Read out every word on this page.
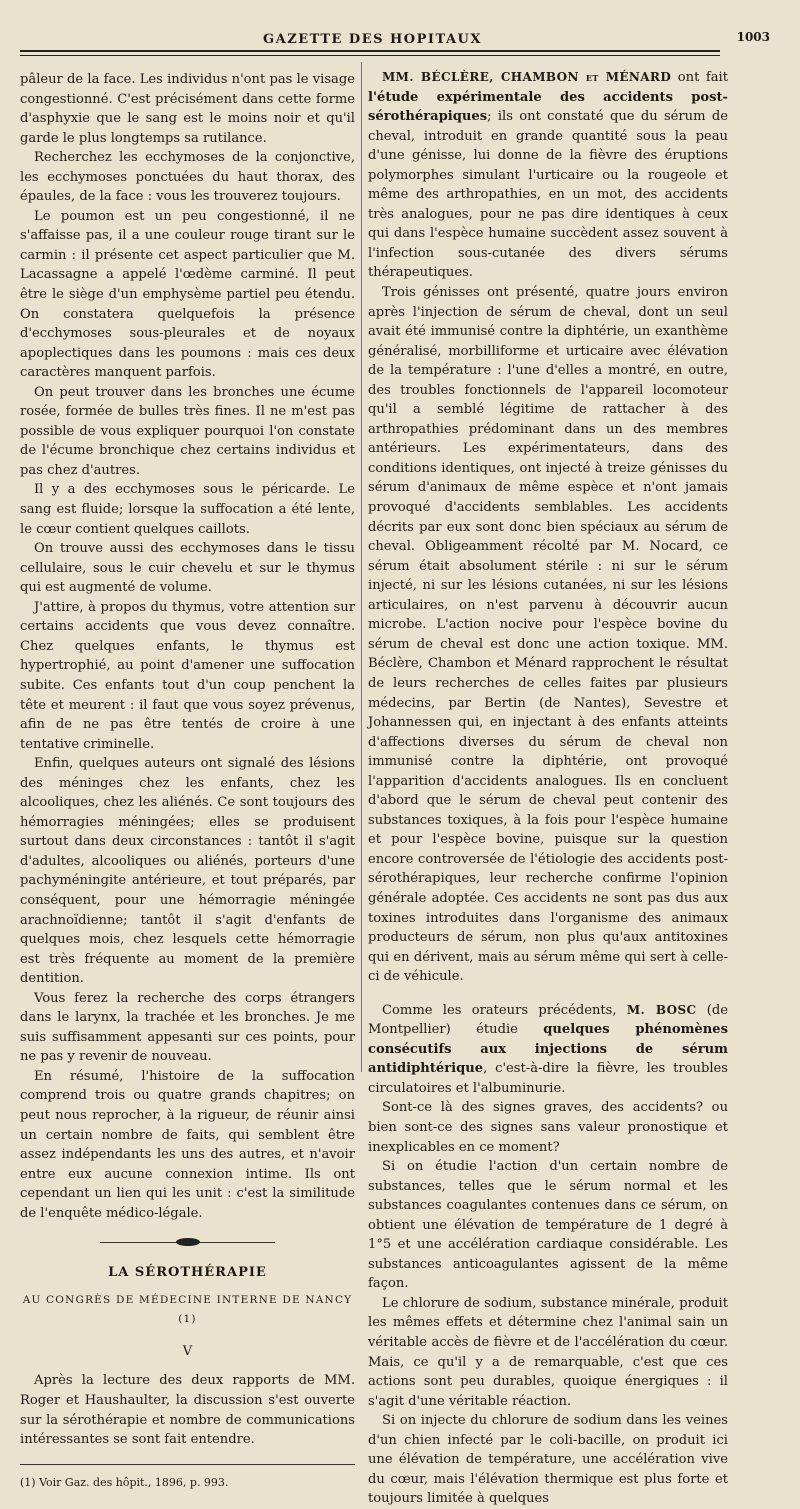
GAZETTE DES HOPITAUX	1003

pâleur de la face. Les individus n'ont pas le visage congestionné. C'est précisément dans cette forme d'asphyxie que le sang est le moins noir et qu'il garde le plus longtemps sa rutilance.

Recherchez les ecchymoses de la conjonctive, les ecchymoses ponctuées du haut thorax, des épaules, de la face : vous les trouverez toujours.

Le poumon est un peu congestionné, il ne s'affaisse pas, il a une couleur rouge tirant sur le carmin : il présente cet aspect particulier que M. Lacassagne a appelé l'œdème carminé. Il peut être le siège d'un emphysème partiel peu étendu. On constatera quelquefois la présence d'ecchymoses sous-pleurales et de noyaux apoplectiques dans les poumons : mais ces deux caractères manquent parfois.

On peut trouver dans les bronches une écume rosée, formée de bulles très fines. Il ne m'est pas possible de vous expliquer pourquoi l'on constate de l'écume bronchique chez certains individus et pas chez d'autres.

Il y a des ecchymoses sous le péricarde. Le sang est fluide; lorsque la suffocation a été lente, le cœur contient quelques caillots.

On trouve aussi des ecchymoses dans le tissu cellulaire, sous le cuir chevelu et sur le thymus qui est augmenté de volume.

J'attire, à propos du thymus, votre attention sur certains accidents que vous devez connaître. Chez quelques enfants, le thymus est hypertrophié, au point d'amener une suffocation subite. Ces enfants tout d'un coup penchent la tête et meurent : il faut que vous soyez prévenus, afin de ne pas être tentés de croire à une tentative criminelle.

Enfin, quelques auteurs ont signalé des lésions des méninges chez les enfants, chez les alcooliques, chez les aliénés. Ce sont toujours des hémorragies méningées; elles se produisent surtout dans deux circonstances : tantôt il s'agit d'adultes, alcooliques ou aliénés, porteurs d'une pachyméningite antérieure, et tout préparés, par conséquent, pour une hémorragie méningée arachnoïdienne; tantôt il s'agit d'enfants de quelques mois, chez lesquels cette hémorragie est très fréquente au moment de la première dentition.

Vous ferez la recherche des corps étrangers dans le larynx, la trachée et les bronches. Je me suis suffisamment appesanti sur ces points, pour ne pas y revenir de nouveau.

En résumé, l'histoire de la suffocation comprend trois ou quatre grands chapitres; on peut nous reprocher, à la rigueur, de réunir ainsi un certain nombre de faits, qui semblent être assez indépendants les uns des autres, et n'avoir entre eux aucune connexion intime. Ils ont cependant un lien qui les unit : c'est la similitude de l'enquête médico-légale.

LA SÉROTHÉRAPIE
AU CONGRÈS DE MÉDECINE INTERNE DE NANCY (1)
V

Après la lecture des deux rapports de MM. Roger et Haushaulter, la discussion s'est ouverte sur la sérothérapie et nombre de communications intéressantes se sont fait entendre.

(1) Voir Gaz. des hôpit., 1896, p. 993.

MM. BÉCLÈRE, CHAMBON et MÉNARD ont fait l'étude expérimentale des accidents post-sérothérapiques; ils ont constaté que du sérum de cheval, introduit en grande quantité sous la peau d'une génisse, lui donne de la fièvre des éruptions polymorphes simulant l'urticaire ou la rougeole et même des arthropathies, en un mot, des accidents très analogues, pour ne pas dire identiques à ceux qui dans l'espèce humaine succèdent assez souvent à l'infection sous-cutanée des divers sérums thérapeutiques.

Trois génisses ont présenté, quatre jours environ après l'injection de sérum de cheval, dont un seul avait été immunisé contre la diphtérie, un exanthème généralisé, morbilliforme et urticaire avec élévation de la température : l'une d'elles a montré, en outre, des troubles fonctionnels de l'appareil locomoteur qu'il a semblé légitime de rattacher à des arthropathies prédominant dans un des membres antérieurs. Les expérimentateurs, dans des conditions identiques, ont injecté à treize génisses du sérum d'animaux de même espèce et n'ont jamais provoqué d'accidents semblables. Les accidents décrits par eux sont donc bien spéciaux au sérum de cheval. Obligeamment récolté par M. Nocard, ce sérum était absolument stérile : ni sur le sérum injecté, ni sur les lésions cutanées, ni sur les lésions articulaires, on n'est parvenu à découvrir aucun microbe. L'action nocive pour l'espèce bovine du sérum de cheval est donc une action toxique. MM. Béclère, Chambon et Ménard rapprochent le résultat de leurs recherches de celles faites par plusieurs médecins, par Bertin (de Nantes), Sevestre et Johannessen qui, en injectant à des enfants atteints d'affections diverses du sérum de cheval non immunisé contre la diphtérie, ont provoqué l'apparition d'accidents analogues. Ils en concluent d'abord que le sérum de cheval peut contenir des substances toxiques, à la fois pour l'espèce humaine et pour l'espèce bovine, puisque sur la question encore controversée de l'étiologie des accidents post-sérothérapiques, leur recherche confirme l'opinion générale adoptée. Ces accidents ne sont pas dus aux toxines introduites dans l'organisme des animaux producteurs de sérum, non plus qu'aux antitoxines qui en dérivent, mais au sérum même qui sert à celle-ci de véhicule.

Comme les orateurs précédents, M. BOSC (de Montpellier) étudie quelques phénomènes consécutifs aux injections de sérum antidiphtérique, c'est-à-dire la fièvre, les troubles circulatoires et l'albuminurie.

Sont-ce là des signes graves, des accidents? ou bien sont-ce des signes sans valeur pronostique et inexplicables en ce moment?

Si on étudie l'action d'un certain nombre de substances, telles que le sérum normal et les substances coagulantes contenues dans ce sérum, on obtient une élévation de température de 1 degré à 1°5 et une accélération cardiaque considérable. Les substances anticoagulantes agissent de la même façon.

Le chlorure de sodium, substance minérale, produit les mêmes effets et détermine chez l'animal sain un véritable accès de fièvre et de l'accélération du cœur. Mais, ce qu'il y a de remarquable, c'est que ces actions sont peu durables, quoique énergiques : il s'agit d'une véritable réaction.

Si on injecte du chlorure de sodium dans les veines d'un chien infecté par le coli-bacille, on produit ici une élévation de température, une accélération vive du cœur, mais l'élévation thermique est plus forte et toujours limitée à quelques
